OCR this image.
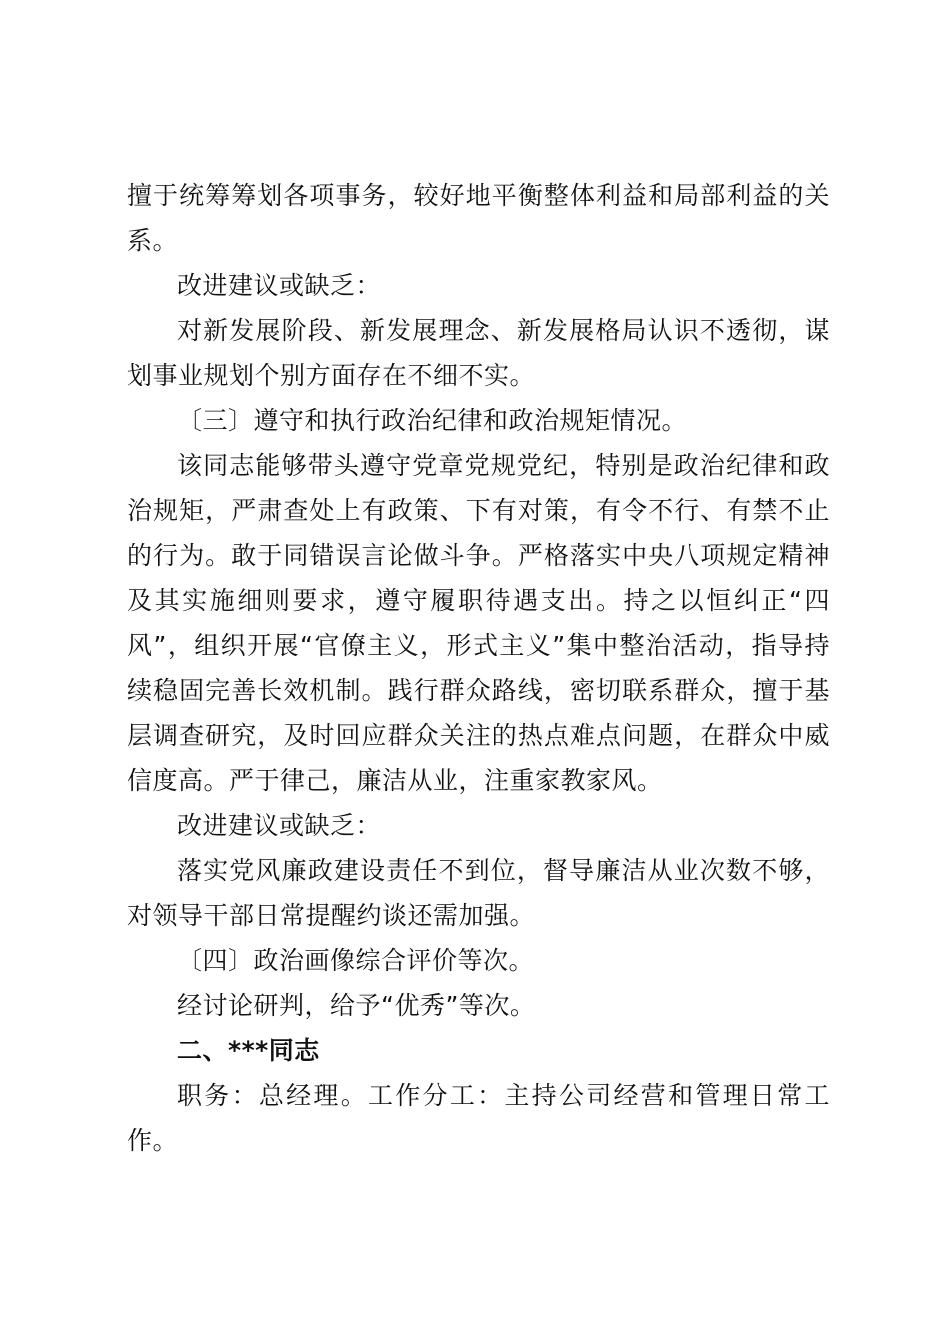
擅于统筹筹划各项事务，较好地平衡整体利益和局部利益的关系。

改进建议或缺乏：

对新发展阶段、新发展理念、新发展格局认识不透彻，谋划事业规划个别方面存在不细不实。

〔三〕遵守和执行政治纪律和政治规矩情况。

该同志能够带头遵守党章党规党纪，特别是政治纪律和政治规矩，严肃查处上有政策、下有对策，有令不行、有禁不止的行为。敢于同错误言论做斗争。严格落实中央八项规定精神及其实施细则要求，遵守履职待遇支出。持之以恒纠正“四风”，组织开展“官僚主义，形式主义”集中整治活动，指导持续稳固完善长效机制。践行群众路线，密切联系群众，擅于基层调查研究，及时回应群众关注的热点难点问题，在群众中威信度高。严于律己，廉洁从业，注重家教家风。

改进建议或缺乏：

落实党风廉政建设责任不到位，督导廉洁从业次数不够，对领导干部日常提醒约谈还需加强。

〔四〕政治画像综合评价等次。

经讨论研判，给予“优秀”等次。

二、***同志

职务：总经理。工作分工：主持公司经营和管理日常工作。
